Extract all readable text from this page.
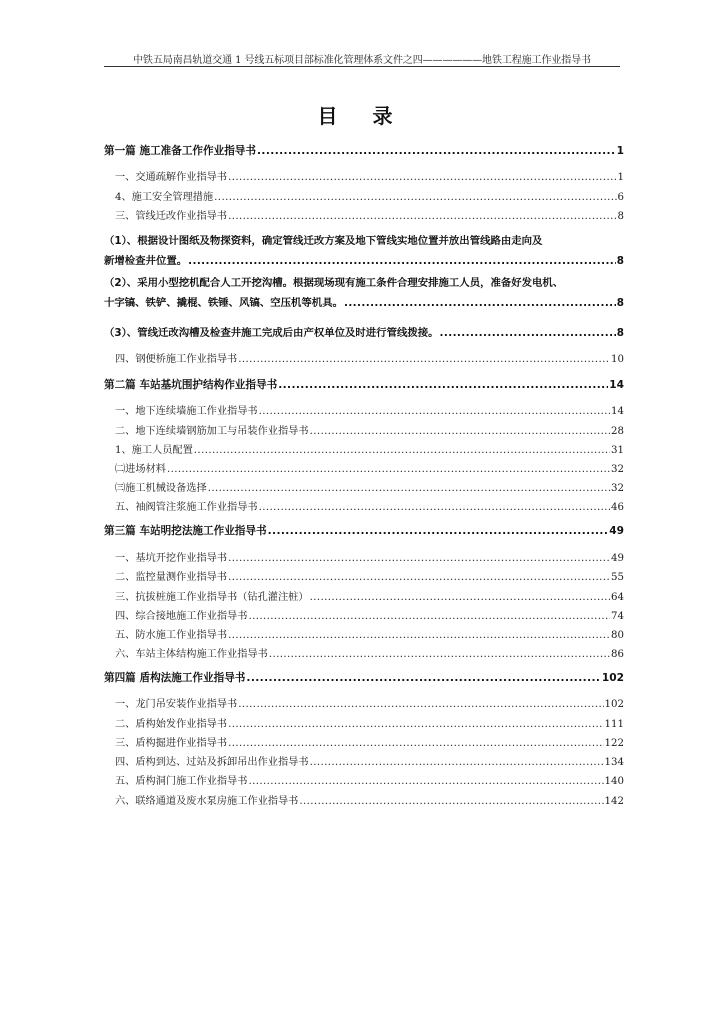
中铁五局南昌轨道交通 1 号线五标项目部标准化管理体系文件之四——————地铁工程施工作业指导书
目 录
第一篇 施工准备工作作业指导书 .....	1
一、交通疏解作业指导书 .....	1
4、施工安全管理措施 .....	6
三、管线迁改作业指导书 .....	8
（1）、根据设计图纸及物探资料，确定管线迁改方案及地下管线实地位置并放出管线路由走向及
新增检查井位置。 .....	8
（2）、采用小型挖机配合人工开挖沟槽。根据现场现有施工条件合理安排施工人员，准备好发电机、
十字镐、铁铲、撬棍、铁锤、风镐、空压机等机具。 .....	8
（3）、管线迁改沟槽及检查井施工完成后由产权单位及时进行管线拨接。 .....	8
四、钢便桥施工作业指导书 .....	10
第二篇 车站基坑围护结构作业指导书 .....	14
一、地下连续墙施工作业指导书 .....	14
二、地下连续墙钢筋加工与吊装作业指导书 .....	28
1、施工人员配置 .....	31
㈡进场材料 .....	32
㈢施工机械设备选择 .....	32
五、袖阀管注浆施工作业指导书 .....	46
第三篇 车站明挖法施工作业指导书 .....	49
一、基坑开挖作业指导书 .....	49
二、监控量测作业指导书 .....	55
三、抗拔桩施工作业指导书（钻孔灌注桩） .....	64
四、综合接地施工作业指导书 .....	74
五、防水施工作业指导书 .....	80
六、车站主体结构施工作业指导书 .....	86
第四篇 盾构法施工作业指导书 .....	102
一、龙门吊安装作业指导书 .....	102
二、盾构始发作业指导书 .....	111
三、盾构掘进作业指导书 .....	122
四、盾构到达、过站及拆卸吊出作业指导书 .....	134
五、盾构洞门施工作业指导书 .....	140
六、联络通道及废水泵房施工作业指导书 .....	142
